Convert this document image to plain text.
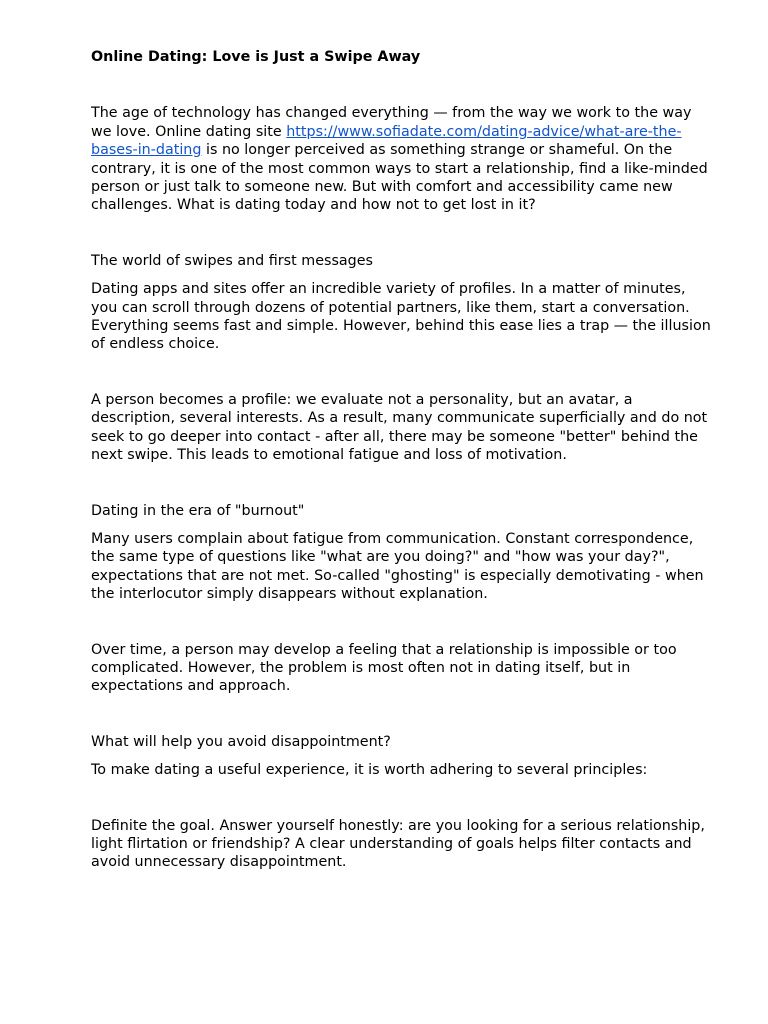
Online Dating: Love is Just a Swipe Away

The age of technology has changed everything — from the way we work to the way we love. Online dating site https://www.sofiadate.com/dating-advice/what-are-the-bases-in-dating is no longer perceived as something strange or shameful. On the contrary, it is one of the most common ways to start a relationship, find a like-minded person or just talk to someone new. But with comfort and accessibility came new challenges. What is dating today and how not to get lost in it?

The world of swipes and first messages

Dating apps and sites offer an incredible variety of profiles. In a matter of minutes, you can scroll through dozens of potential partners, like them, start a conversation. Everything seems fast and simple. However, behind this ease lies a trap — the illusion of endless choice.

A person becomes a profile: we evaluate not a personality, but an avatar, a description, several interests. As a result, many communicate superficially and do not seek to go deeper into contact - after all, there may be someone "better" behind the next swipe. This leads to emotional fatigue and loss of motivation.

Dating in the era of "burnout"

Many users complain about fatigue from communication. Constant correspondence, the same type of questions like "what are you doing?" and "how was your day?", expectations that are not met. So-called "ghosting" is especially demotivating - when the interlocutor simply disappears without explanation.

Over time, a person may develop a feeling that a relationship is impossible or too complicated. However, the problem is most often not in dating itself, but in expectations and approach.

What will help you avoid disappointment?

To make dating a useful experience, it is worth adhering to several principles:

Definite the goal. Answer yourself honestly: are you looking for a serious relationship, light flirtation or friendship? A clear understanding of goals helps filter contacts and avoid unnecessary disappointment.
